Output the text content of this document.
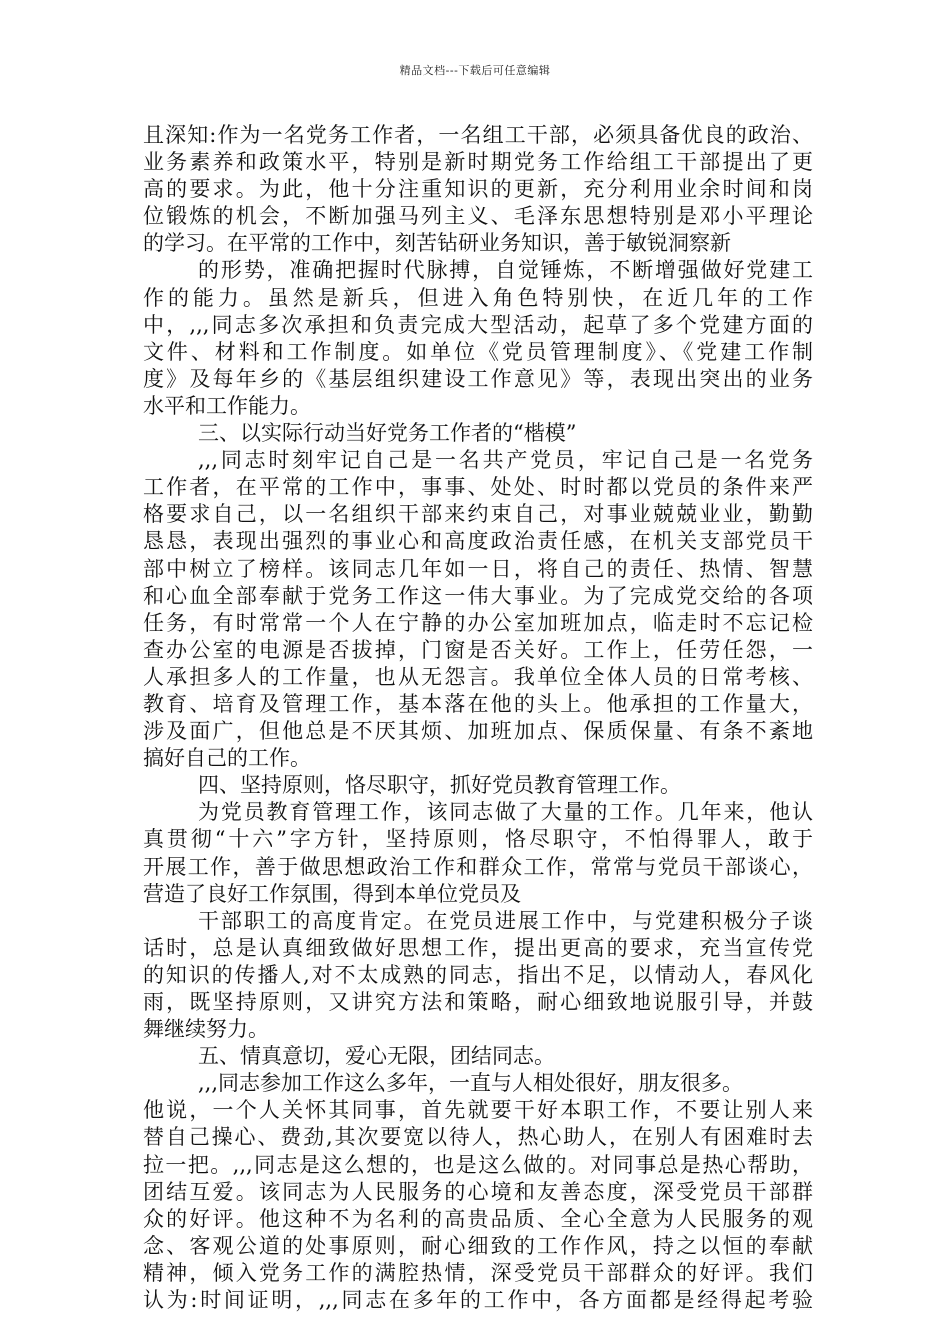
精品文档---下载后可任意编辑
且深知:作为一名党务工作者，一名组工干部，必须具备优良的政治、
业务素养和政策水平，特别是新时期党务工作给组工干部提出了更
高的要求。为此，他十分注重知识的更新，充分利用业余时间和岗
位锻炼的机会，不断加强马列主义、毛泽东思想特别是邓小平理论
的学习。在平常的工作中，刻苦钻研业务知识，善于敏锐洞察新
的形势，准确把握时代脉搏，自觉锤炼，不断增强做好党建工
作的能力。虽然是新兵，但进入角色特别快，在近几年的工作
中，,,,同志多次承担和负责完成大型活动，起草了多个党建方面的
文件、材料和工作制度。如单位《党员管理制度》、《党建工作制
度》及每年乡的《基层组织建设工作意见》等，表现出突出的业务
水平和工作能力。
三、以实际行动当好党务工作者的“楷模”
,,,同志时刻牢记自己是一名共产党员，牢记自己是一名党务
工作者，在平常的工作中，事事、处处、时时都以党员的条件来严
格要求自己，以一名组织干部来约束自己，对事业兢兢业业，勤勤
恳恳，表现出强烈的事业心和高度政治责任感，在机关支部党员干
部中树立了榜样。该同志几年如一日，将自己的责任、热情、智慧
和心血全部奉献于党务工作这一伟大事业。为了完成党交给的各项
任务，有时常常一个人在宁静的办公室加班加点，临走时不忘记检
查办公室的电源是否拔掉，门窗是否关好。工作上，任劳任怨，一
人承担多人的工作量，也从无怨言。我单位全体人员的日常考核、
教育、培育及管理工作，基本落在他的头上。他承担的工作量大，
涉及面广，但他总是不厌其烦、加班加点、保质保量、有条不紊地
搞好自己的工作。
四、坚持原则，恪尽职守，抓好党员教育管理工作。
为党员教育管理工作，该同志做了大量的工作。几年来，他认
真贯彻“十六”字方针，坚持原则，恪尽职守，不怕得罪人，敢于
开展工作，善于做思想政治工作和群众工作，常常与党员干部谈心，
营造了良好工作氛围，得到本单位党员及
干部职工的高度肯定。在党员进展工作中，与党建积极分子谈
话时，总是认真细致做好思想工作，提出更高的要求，充当宣传党
的知识的传播人,对不太成熟的同志，指出不足，以情动人，春风化
雨，既坚持原则，又讲究方法和策略，耐心细致地说服引导，并鼓
舞继续努力。
五、情真意切，爱心无限，团结同志。
,,,同志参加工作这么多年，一直与人相处很好，朋友很多。
他说，一个人关怀其同事，首先就要干好本职工作，不要让别人来
替自己操心、费劲,其次要宽以待人，热心助人，在别人有困难时去
拉一把。,,,同志是这么想的，也是这么做的。对同事总是热心帮助，
团结互爱。该同志为人民服务的心境和友善态度，深受党员干部群
众的好评。他这种不为名利的高贵品质、全心全意为人民服务的观
念、客观公道的处事原则，耐心细致的工作作风，持之以恒的奉献
精神，倾入党务工作的满腔热情，深受党员干部群众的好评。我们
认为:时间证明，,,,同志在多年的工作中，各方面都是经得起考验
